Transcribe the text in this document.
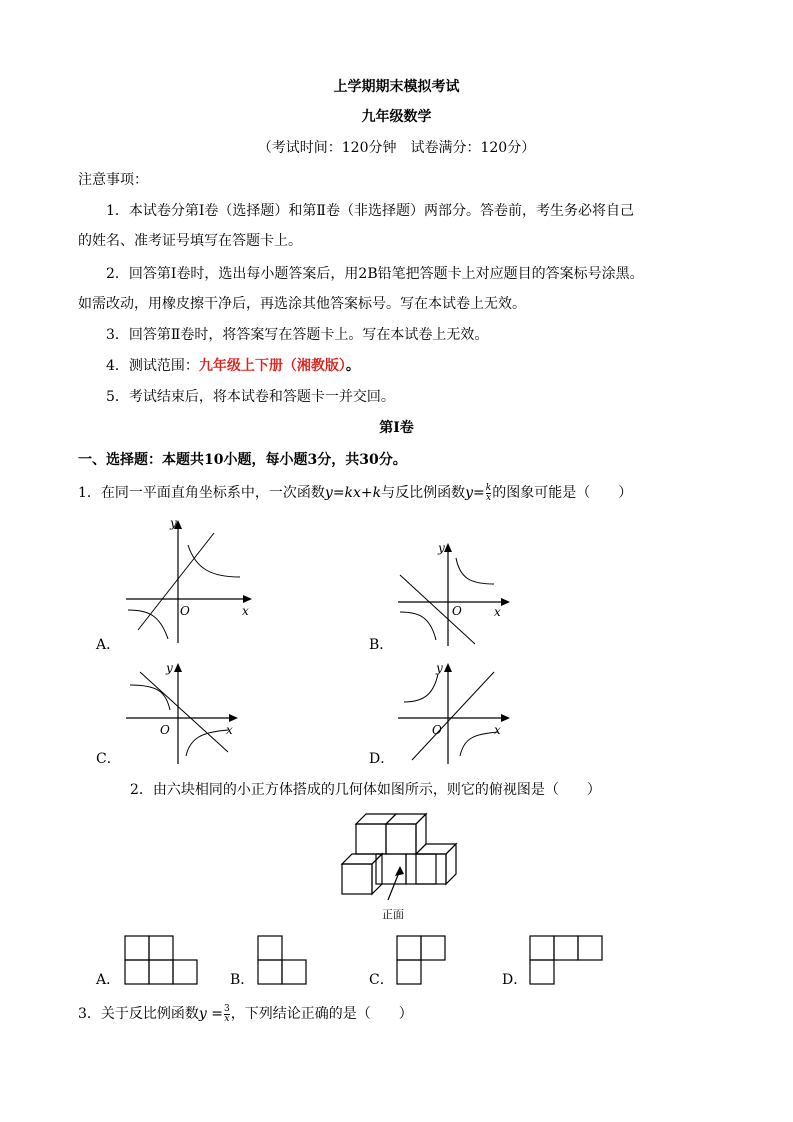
上学期期末模拟考试
九年级数学
（考试时间：120分钟　试卷满分：120分）
注意事项：
1．本试卷分第Ⅰ卷（选择题）和第Ⅱ卷（非选择题）两部分。答卷前，考生务必将自己
的姓名、准考证号填写在答题卡上。
2．回答第Ⅰ卷时，选出每小题答案后，用2B铅笔把答题卡上对应题目的答案标号涂黑。
如需改动，用橡皮擦干净后，再选涂其他答案标号。写在本试卷上无效。
3．回答第Ⅱ卷时，将答案写在答题卡上。写在本试卷上无效。
4．测试范围：九年级上下册（湘教版）。
5．考试结束后，将本试卷和答题卡一并交回。
第Ⅰ卷
一、选择题：本题共10小题，每小题3分，共30分。
1．在同一平面直角坐标系中，一次函数y=kx+k与反比例函数$y= \frac{k}{x}$ 的图象可能是（　　）
y
x
O
A．
y
x
O
B．
y
x
O
C．
y
x
O
D．
2．由六块相同的小正方体搭成的几何体如图所示，则它的俯视图是（　　）
正面
A．	B．	C．	D．
3．关于反比例函数$y = \frac{3}{x}$ ，下列结论正确的是（　　）
